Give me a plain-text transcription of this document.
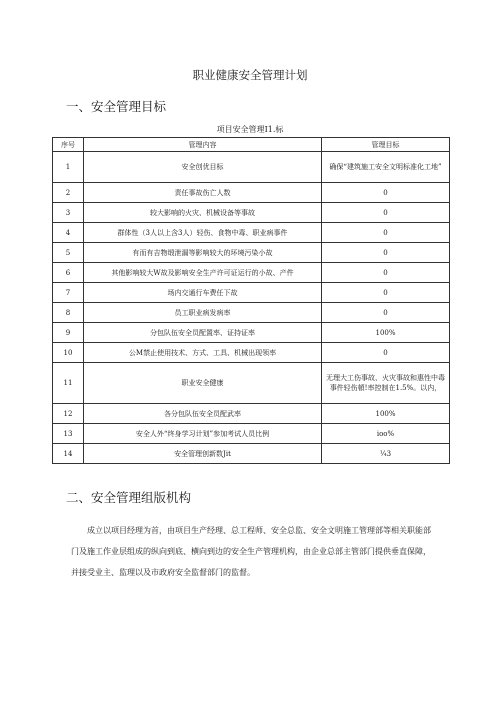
职业健康安全管理计划
一、安全管理目标
项目安全管理I1.标
序号	管理内容	管理目标
1	安全创优目标	确保“建筑施工安全文明标准化工地”
2	责任事故伤亡人数	0
3	较大影响的火灾、机械设备等事故	0
4	群体性（3人以上含3人）轻伤、食物中毒、职业病事件	0
5	有而有吉物缎泄漏等影响较大的环境污染小故	0
6	其他影响较大W故及影响安全生产许可证运行的小故、产件	0
7	场内交通行车费任下故	0
8	员工职业病发病率	0
9	分包队伍安全员配置率、证持证率	100%
10	公M禁止使用技术、方式、工具、机械出现领率	0
11	职业安全健康	无理大工伤事故、火灾事故和惠性中毒事件轻伤頓!率控制在1.5%。以内，
12	各分包队伍安全员配武率	100%
13	安全人外“终身学习计划”参加考试人员比例	ioo%
14	安全管理创新数Jit	¼3
二、安全管理组版机构

成立以项目经理为首，由项目生产经理、总工程师、安全总监、安全文明施工管理部等相关职能部门及施工作业层组成的纵向到底、横向到边的安全生产管理机构，由企业总部主管部门提供垂直保障，并接受业主、监理以及市政府安全监督部门的监督。
